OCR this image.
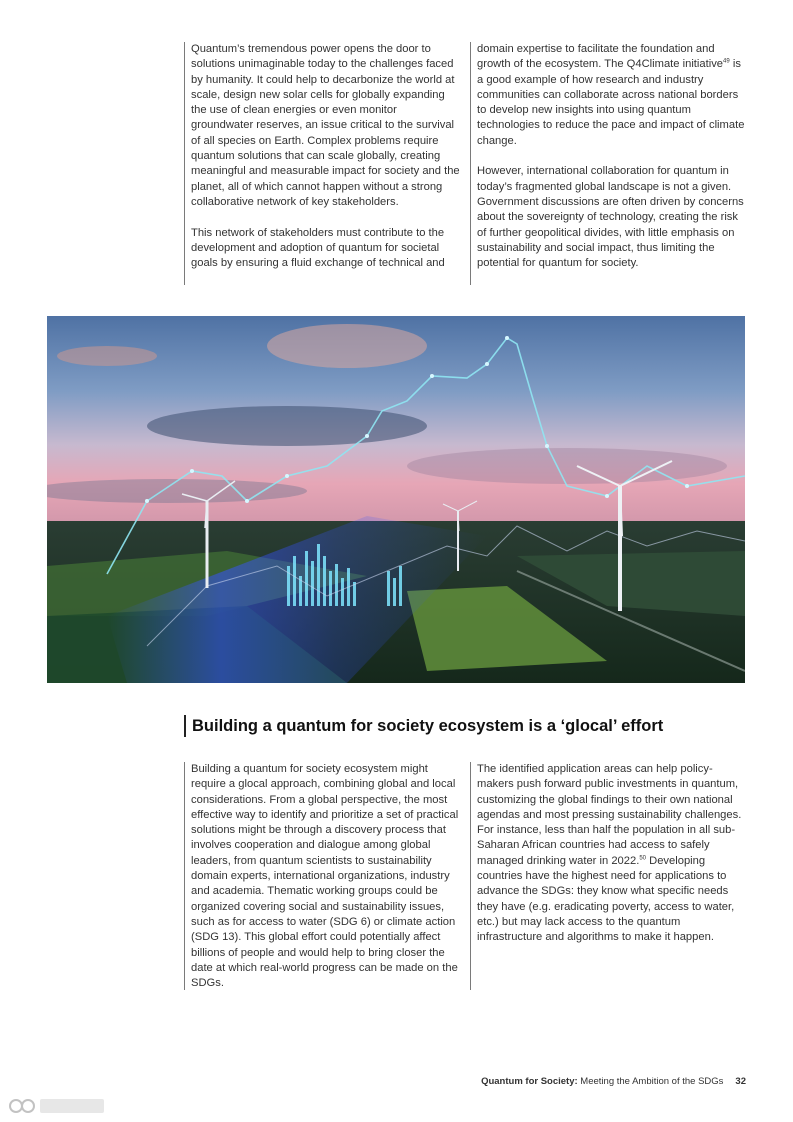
Quantum’s tremendous power opens the door to solutions unimaginable today to the challenges faced by humanity. It could help to decarbonize the world at scale, design new solar cells for globally expanding the use of clean energies or even monitor groundwater reserves, an issue critical to the survival of all species on Earth. Complex problems require quantum solutions that can scale globally, creating meaningful and measurable impact for society and the planet, all of which cannot happen without a strong collaborative network of key stakeholders.

This network of stakeholders must contribute to the development and adoption of quantum for societal goals by ensuring a fluid exchange of technical and

domain expertise to facilitate the foundation and growth of the ecosystem. The Q4Climate initiative$^{49}$ is a good example of how research and industry communities can collaborate across national borders to develop new insights into using quantum technologies to reduce the pace and impact of climate change.

However, international collaboration for quantum in today’s fragmented global landscape is not a given. Government discussions are often driven by concerns about the sovereignty of technology, creating the risk of further geopolitical divides, with little emphasis on sustainability and social impact, thus limiting the potential for quantum for society.

Building a quantum for society ecosystem is a ‘glocal’ effort

Building a quantum for society ecosystem might require a glocal approach, combining global and local considerations. From a global perspective, the most effective way to identify and prioritize a set of practical solutions might be through a discovery process that involves cooperation and dialogue among global leaders, from quantum scientists to sustainability domain experts, international organizations, industry and academia. Thematic working groups could be organized covering social and sustainability issues, such as for access to water (SDG 6) or climate action (SDG 13). This global effort could potentially affect billions of people and would help to bring closer the date at which real-world progress can be made on the SDGs.

The identified application areas can help policy-makers push forward public investments in quantum, customizing the global findings to their own national agendas and most pressing sustainability challenges. For instance, less than half the population in all sub-Saharan African countries had access to safely managed drinking water in 2022.50 Developing countries have the highest need for applications to advance the SDGs: they know what specific needs they have (e.g. eradicating poverty, access to water, etc.) but may lack access to the quantum infrastructure and algorithms to make it happen.

Quantum for Society: Meeting the Ambition of the SDGs 32
